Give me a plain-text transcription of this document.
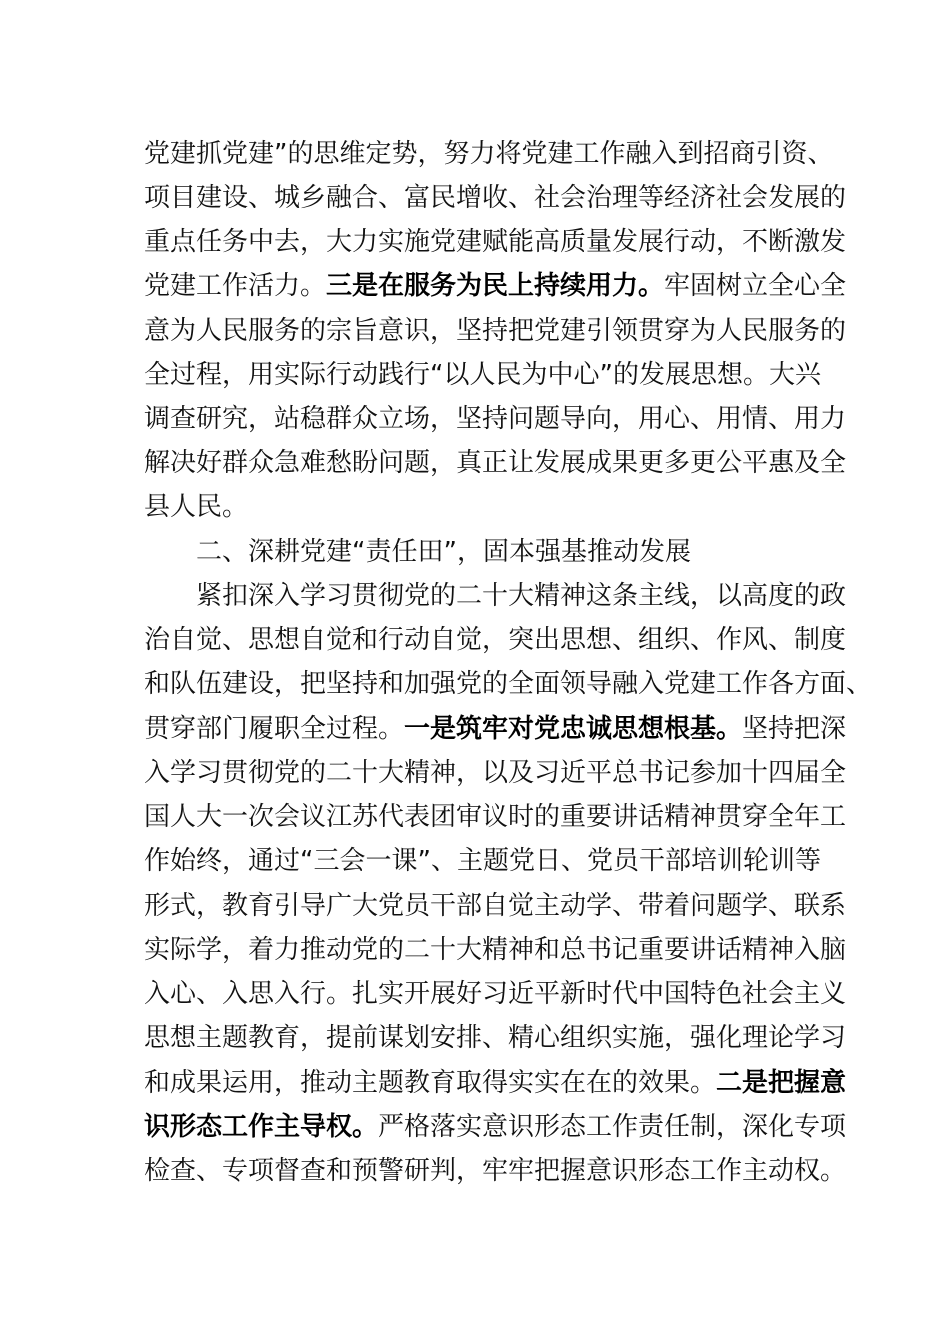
党建抓党建”的思维定势，努力将党建工作融入到招商引资、
项目建设、城乡融合、富民增收、社会治理等经济社会发展的
重点任务中去，大力实施党建赋能高质量发展行动，不断激发
党建工作活力。三是在服务为民上持续用力。牢固树立全心全
意为人民服务的宗旨意识，坚持把党建引领贯穿为人民服务的
全过程，用实际行动践行“以人民为中心”的发展思想。大兴
调查研究，站稳群众立场，坚持问题导向，用心、用情、用力
解决好群众急难愁盼问题，真正让发展成果更多更公平惠及全
县人民。
二、深耕党建“责任田”，固本强基推动发展
紧扣深入学习贯彻党的二十大精神这条主线，以高度的政
治自觉、思想自觉和行动自觉，突出思想、组织、作风、制度
和队伍建设，把坚持和加强党的全面领导融入党建工作各方面、
贯穿部门履职全过程。一是筑牢对党忠诚思想根基。坚持把深
入学习贯彻党的二十大精神，以及习近平总书记参加十四届全
国人大一次会议江苏代表团审议时的重要讲话精神贯穿全年工
作始终，通过“三会一课”、主题党日、党员干部培训轮训等
形式，教育引导广大党员干部自觉主动学、带着问题学、联系
实际学，着力推动党的二十大精神和总书记重要讲话精神入脑
入心、入思入行。扎实开展好习近平新时代中国特色社会主义
思想主题教育，提前谋划安排、精心组织实施，强化理论学习
和成果运用，推动主题教育取得实实在在的效果。二是把握意
识形态工作主导权。严格落实意识形态工作责任制，深化专项
检查、专项督查和预警研判，牢牢把握意识形态工作主动权。
